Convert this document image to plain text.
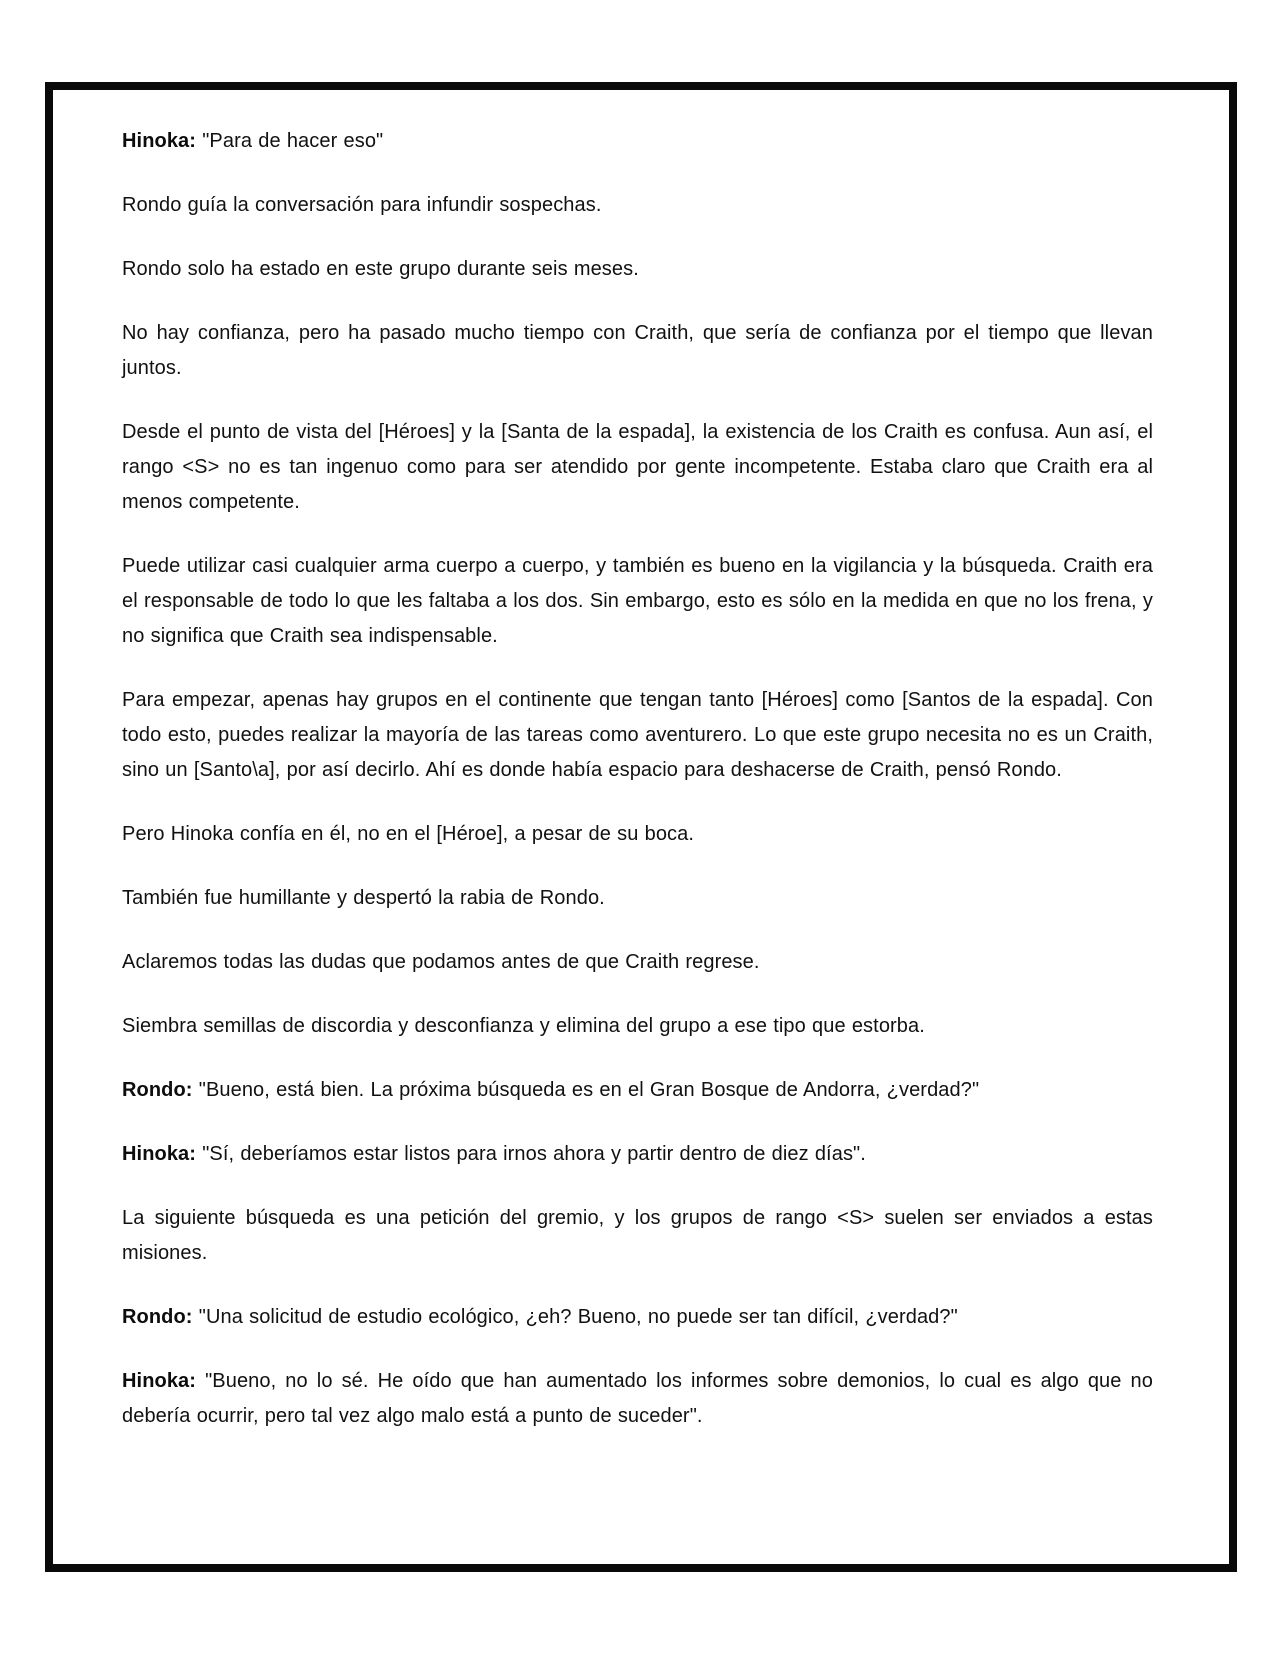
Hinoka: "Para de hacer eso"

Rondo guía la conversación para infundir sospechas.

Rondo solo ha estado en este grupo durante seis meses.

No hay confianza, pero ha pasado mucho tiempo con Craith, que sería de confianza por el tiempo que llevan juntos.

Desde el punto de vista del [Héroes] y la [Santa de la espada], la existencia de los Craith es confusa. Aun así, el rango <S> no es tan ingenuo como para ser atendido por gente incompetente. Estaba claro que Craith era al menos competente.

Puede utilizar casi cualquier arma cuerpo a cuerpo, y también es bueno en la vigilancia y la búsqueda. Craith era el responsable de todo lo que les faltaba a los dos. Sin embargo, esto es sólo en la medida en que no los frena, y no significa que Craith sea indispensable.

Para empezar, apenas hay grupos en el continente que tengan tanto [Héroes] como [Santos de la espada]. Con todo esto, puedes realizar la mayoría de las tareas como aventurero. Lo que este grupo necesita no es un Craith, sino un [Santo\a], por así decirlo. Ahí es donde había espacio para deshacerse de Craith, pensó Rondo.

Pero Hinoka confía en él, no en el [Héroe], a pesar de su boca.

También fue humillante y despertó la rabia de Rondo.

Aclaremos todas las dudas que podamos antes de que Craith regrese.

Siembra semillas de discordia y desconfianza y elimina del grupo a ese tipo que estorba.

Rondo: "Bueno, está bien. La próxima búsqueda es en el Gran Bosque de Andorra, ¿verdad?"

Hinoka: "Sí, deberíamos estar listos para irnos ahora y partir dentro de diez días".

La siguiente búsqueda es una petición del gremio, y los grupos de rango <S> suelen ser enviados a estas misiones.

Rondo: "Una solicitud de estudio ecológico, ¿eh? Bueno, no puede ser tan difícil, ¿verdad?"

Hinoka: "Bueno, no lo sé. He oído que han aumentado los informes sobre demonios, lo cual es algo que no debería ocurrir, pero tal vez algo malo está a punto de suceder".
